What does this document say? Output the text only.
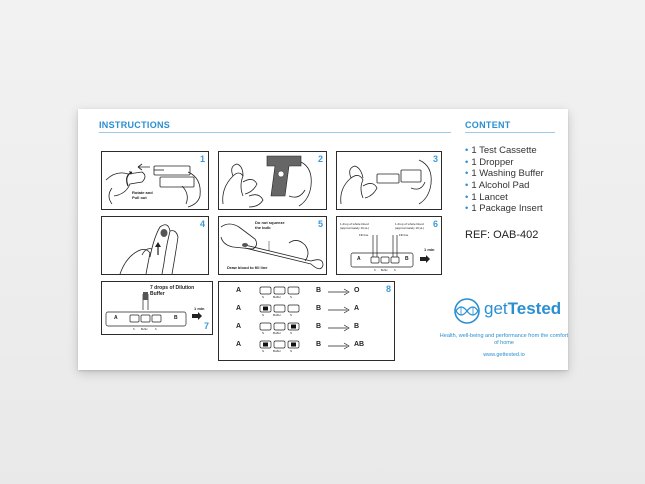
INSTRUCTIONS	CONTENT
Rotate and Pull out
1	2	3
4	Do not squeeze the bulb
Draw blood to fill line
5	1 drop of whole blood (approximately 10 µL)
1 drop of whole blood (approximately 10 µL)
Fill line	Fill line
1 min
A	B
S Buffer	S
6
7 drops of Dilution Buffer
1 min
A	B
S	Buffer	S	7
A
S	Buffer	S
B	O
A
S	Buffer	S
B	A
A
S	Buffer	S
B	B
A
S	Buffer	S
B	AB
8
• 1 Test Cassette
• 1 Dropper
• 1 Washing Buffer
• 1 Alcohol Pad
• 1 Lancet
• 1 Package Insert
REF: OAB-402
getTested
Health, well-being and performance from the comfort of home
www.gettested.io
